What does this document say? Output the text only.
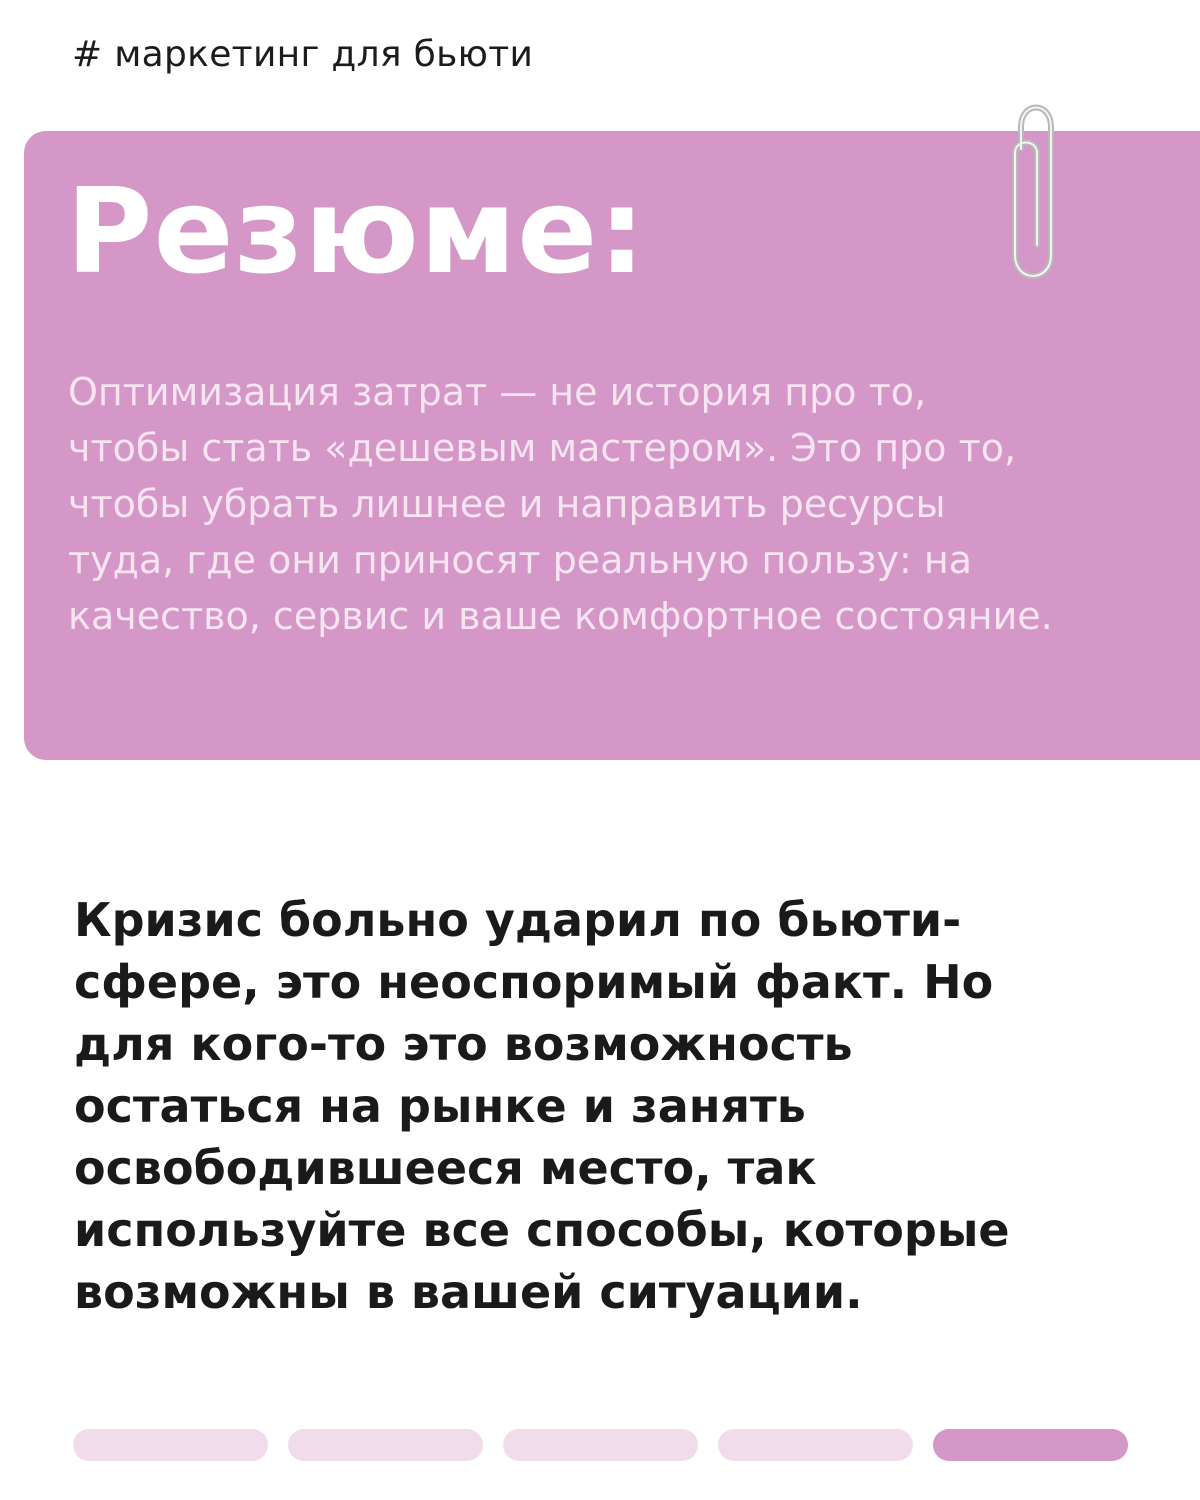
# маркетинг для бьюти
Резюме:

Оптимизация затрат — не история про то, чтобы стать «дешевым мастером». Это про то, чтобы убрать лишнее и направить ресурсы туда, где они приносят реальную пользу: на качество, сервис и ваше комфортное состояние.

Кризис больно ударил по бьюти-сфере, это неоспоримый факт. Но для кого-то это возможность остаться на рынке и занять освободившееся место, так используйте все способы, которые возможны в вашей ситуации.
